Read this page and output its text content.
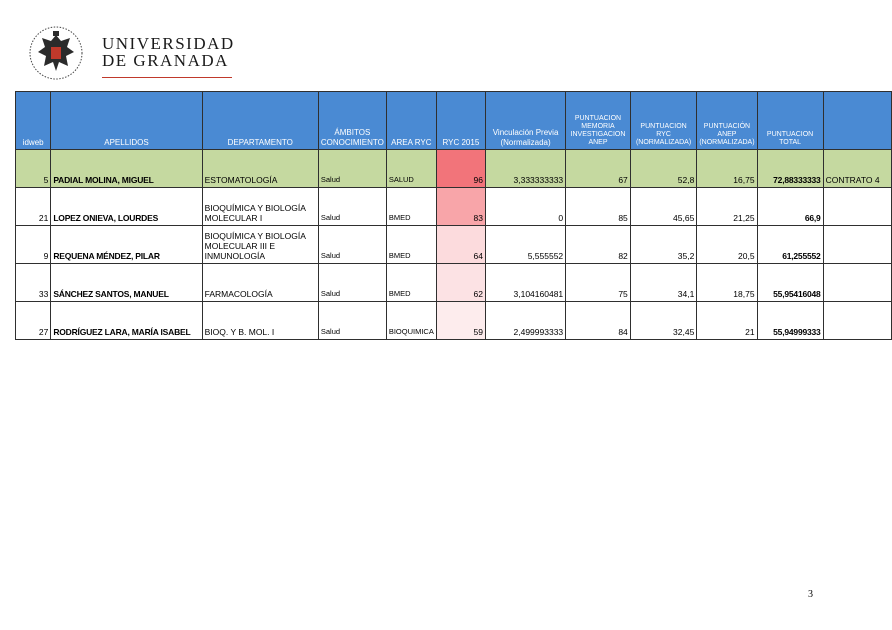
UNIVERSIDAD
DE GRANADA
idweb	APELLIDOS	DEPARTAMENTO	ÁMBITOS CONOCIMIENTO	AREA RYC	RYC 2015	Vinculación Previa (Normalizada)	PUNTUACION MEMORIA INVESTIGACION ANEP	PUNTUACION RYC (NORMALIZADA)	PUNTUACIÓN ANEP (NORMALIZADA)	PUNTUACION TOTAL	
5	PADIAL MOLINA, MIGUEL	ESTOMATOLOGÍA	Salud	SALUD	96	3,333333333	67	52,8	16,75	72,88333333	CONTRATO 4
21	LOPEZ ONIEVA, LOURDES	BIOQUÍMICA Y BIOLOGÍA MOLECULAR I	Salud	BMED	83	0	85	45,65	21,25	66,9	
9	REQUENA MÉNDEZ, PILAR	BIOQUÍMICA Y BIOLOGÍA MOLECULAR III E INMUNOLOGÍA	Salud	BMED	64	5,555552	82	35,2	20,5	61,255552	
33	SÁNCHEZ SANTOS, MANUEL	FARMACOLOGÍA	Salud	BMED	62	3,104160481	75	34,1	18,75	55,95416048	
27	RODRÍGUEZ LARA, MARÍA ISABEL	BIOQ. Y B. MOL. I	Salud	BIOQUIMICA	59	2,499993333	84	32,45	21	55,94999333	
3
